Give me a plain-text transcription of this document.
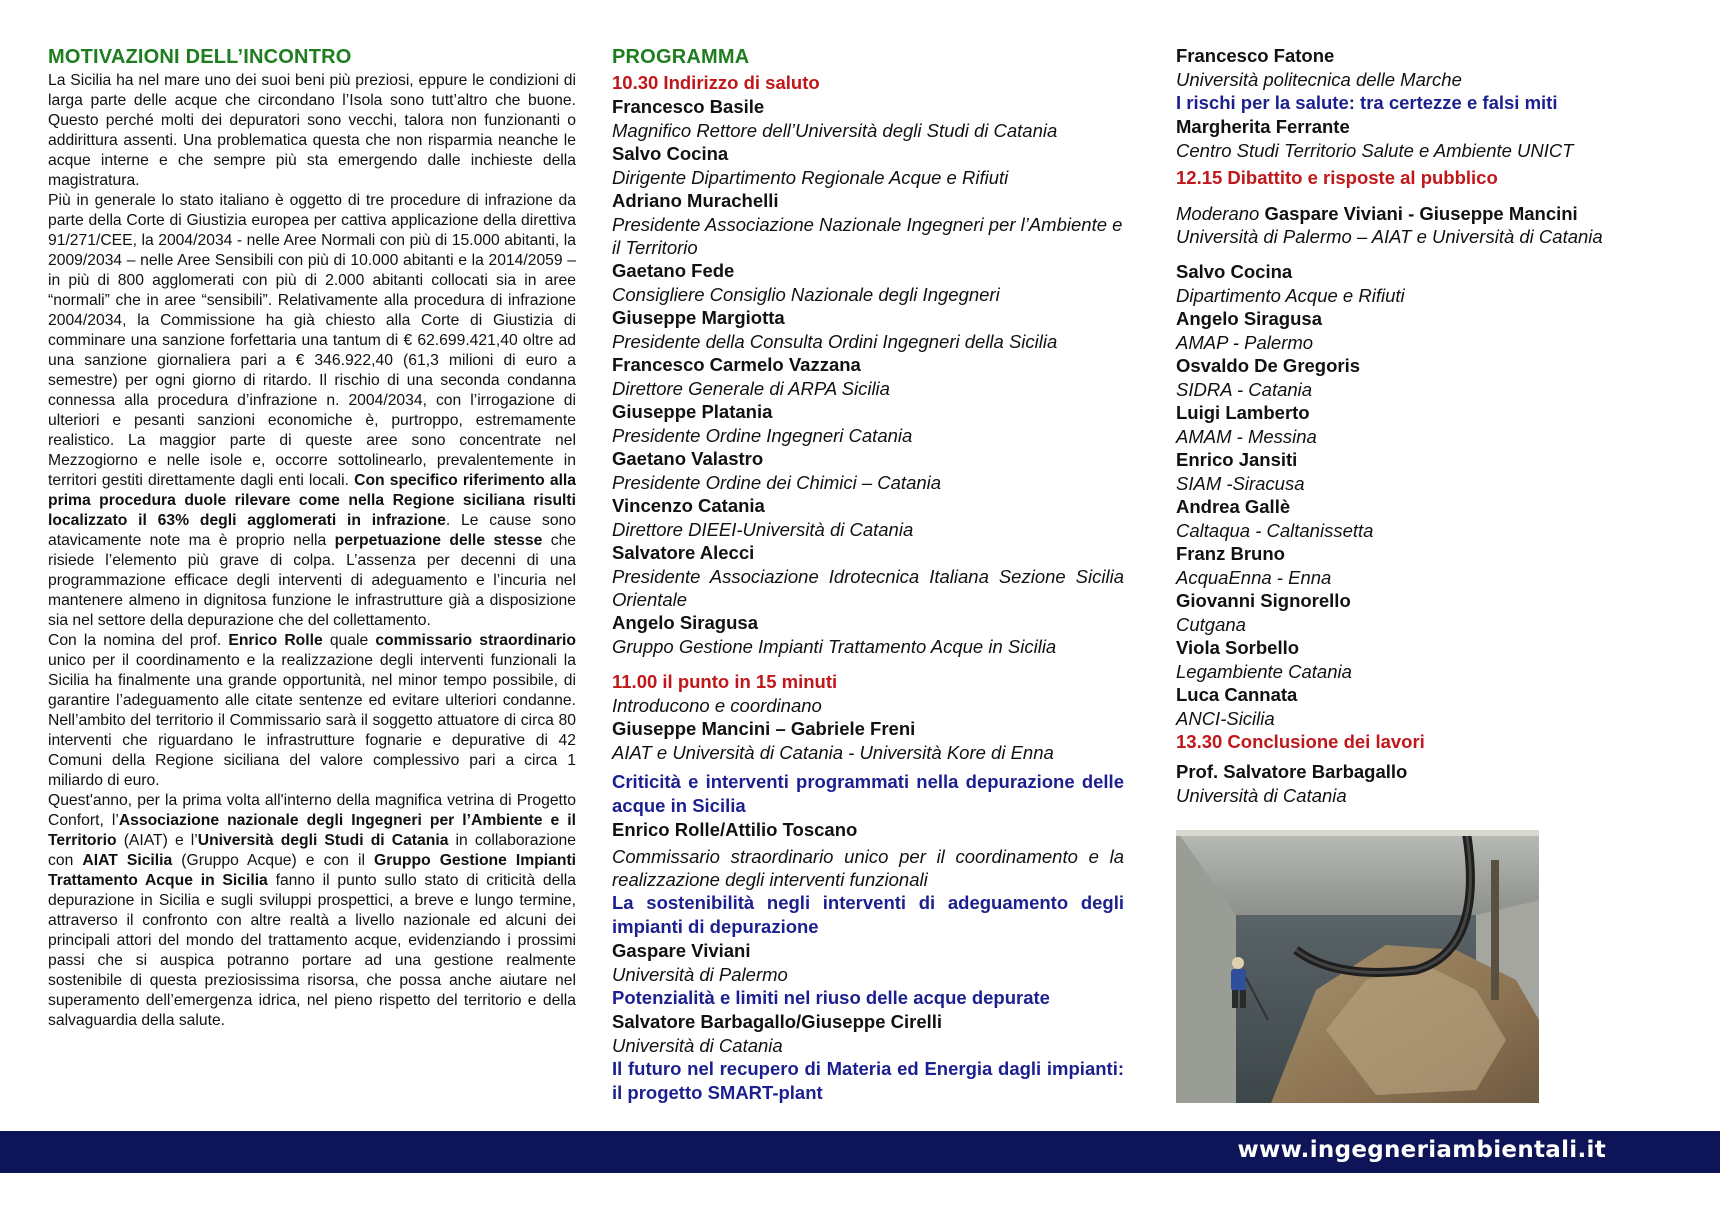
MOTIVAZIONI DELL’INCONTRO

La Sicilia ha nel mare uno dei suoi beni più preziosi, eppure le condizioni di larga parte delle acque che circondano l’Isola sono tutt’altro che buone. Questo perché molti dei depuratori sono vecchi, talora non funzionanti o addirittura assenti. Una problematica questa che non risparmia neanche le acque interne e che sempre più sta emergendo dalle inchieste della magistratura.

Più in generale lo stato italiano è oggetto di tre procedure di infrazione da parte della Corte di Giustizia europea per cattiva applicazione della direttiva 91/271/CEE, la 2004/2034 - nelle Aree Normali con più di 15.000 abitanti, la 2009/2034 – nelle Aree Sensibili con più di 10.000 abitanti e la 2014/2059 – in più di 800 agglomerati con più di 2.000 abitanti collocati sia in aree “normali” che in aree “sensibili”. Relativamente alla procedura di infrazione 2004/2034, la Commissione ha già chiesto alla Corte di Giustizia di comminare una sanzione forfettaria una tantum di € 62.699.421,40 oltre ad una sanzione giornaliera pari a € 346.922,40 (61,3 milioni di euro a semestre) per ogni giorno di ritardo. Il rischio di una seconda condanna connessa alla procedura d’infrazione n. 2004/2034, con l’irrogazione di ulteriori e pesanti sanzioni economiche è, purtroppo, estremamente realistico. La maggior parte di queste aree sono concentrate nel Mezzogiorno e nelle isole e, occorre sottolinearlo, prevalentemente in territori gestiti direttamente dagli enti locali. Con specifico riferimento alla prima procedura duole rilevare come nella Regione siciliana risulti localizzato il 63% degli agglomerati in infrazione. Le cause sono atavicamente note ma è proprio nella perpetuazione delle stesse che risiede l’elemento più grave di colpa. L’assenza per decenni di una programmazione efficace degli interventi di adeguamento e l’incuria nel mantenere almeno in dignitosa funzione le infrastrutture già a disposizione sia nel settore della depurazione che del collettamento.

Con la nomina del prof. Enrico Rolle quale commissario straordinario unico per il coordinamento e la realizzazione degli interventi funzionali la Sicilia ha finalmente una grande opportunità, nel minor tempo possibile, di garantire l’adeguamento alle citate sentenze ed evitare ulteriori condanne. Nell’ambito del territorio il Commissario sarà il soggetto attuatore di circa 80 interventi che riguardano le infrastrutture fognarie e depurative di 42 Comuni della Regione siciliana del valore complessivo pari a circa 1 miliardo di euro.

Quest'anno, per la prima volta all'interno della magnifica vetrina di Progetto Confort, l’Associazione nazionale degli Ingegneri per l’Ambiente e il Territorio (AIAT) e l’Università degli Studi di Catania in collaborazione con AIAT Sicilia (Gruppo Acque) e con il Gruppo Gestione Impianti Trattamento Acque in Sicilia fanno il punto sullo stato di criticità della depurazione in Sicilia e sugli sviluppi prospettici, a breve e lungo termine, attraverso il confronto con altre realtà a livello nazionale ed alcuni dei principali attori del mondo del trattamento acque, evidenziando i prossimi passi che si auspica potranno portare ad una gestione realmente sostenibile di questa preziosissima risorsa, che possa anche aiutare nel superamento dell’emergenza idrica, nel pieno rispetto del territorio e della salvaguardia della salute.

PROGRAMMA
10.30 Indirizzo di saluto
Francesco Basile
Magnifico Rettore dell’Università degli Studi di Catania
Salvo Cocina
Dirigente Dipartimento Regionale Acque e Rifiuti
Adriano Murachelli
Presidente Associazione Nazionale Ingegneri per l’Ambiente e il Territorio
Gaetano Fede
Consigliere Consiglio Nazionale degli Ingegneri
Giuseppe Margiotta
Presidente della Consulta Ordini Ingegneri della Sicilia
Francesco Carmelo Vazzana
Direttore Generale di ARPA Sicilia
Giuseppe Platania
Presidente Ordine Ingegneri Catania
Gaetano Valastro
Presidente Ordine dei Chimici – Catania
Vincenzo Catania
Direttore DIEEI-Università di Catania
Salvatore Alecci
Presidente Associazione Idrotecnica Italiana Sezione Sicilia Orientale
Angelo Siragusa
Gruppo Gestione Impianti Trattamento Acque in Sicilia
11.00 il punto in 15 minuti
Introducono e coordinano
Giuseppe Mancini – Gabriele Freni
AIAT e Università di Catania - Università Kore di Enna
Criticità e interventi programmati nella depurazione delle acque in Sicilia
Enrico Rolle/Attilio Toscano
Commissario straordinario unico per il coordinamento e la realizzazione degli interventi funzionali
La sostenibilità negli interventi di adeguamento degli impianti di depurazione
Gaspare Viviani
Università di Palermo
Potenzialità e limiti nel riuso delle acque depurate
Salvatore Barbagallo/Giuseppe Cirelli
Università di Catania
Il futuro nel recupero di Materia ed Energia dagli impianti: il progetto SMART-plant
Francesco Fatone
Università politecnica delle Marche
I rischi per la salute: tra certezze e falsi miti
Margherita Ferrante
Centro Studi Territorio Salute e Ambiente UNICT
12.15 Dibattito e risposte al pubblico
Moderano Gaspare Viviani - Giuseppe Mancini
Università di Palermo – AIAT e Università di Catania
Salvo Cocina
Dipartimento Acque e Rifiuti
Angelo Siragusa
AMAP - Palermo
Osvaldo De Gregoris
SIDRA - Catania
Luigi Lamberto
AMAM - Messina
Enrico Jansiti
SIAM -Siracusa
Andrea Gallè
Caltaqua - Caltanissetta
Franz Bruno
AcquaEnna - Enna
Giovanni Signorello
Cutgana
Viola Sorbello
Legambiente Catania
Luca Cannata
ANCI-Sicilia
13.30 Conclusione dei lavori
Prof. Salvatore Barbagallo
Università di Catania
www.ingegneriambientali.it
